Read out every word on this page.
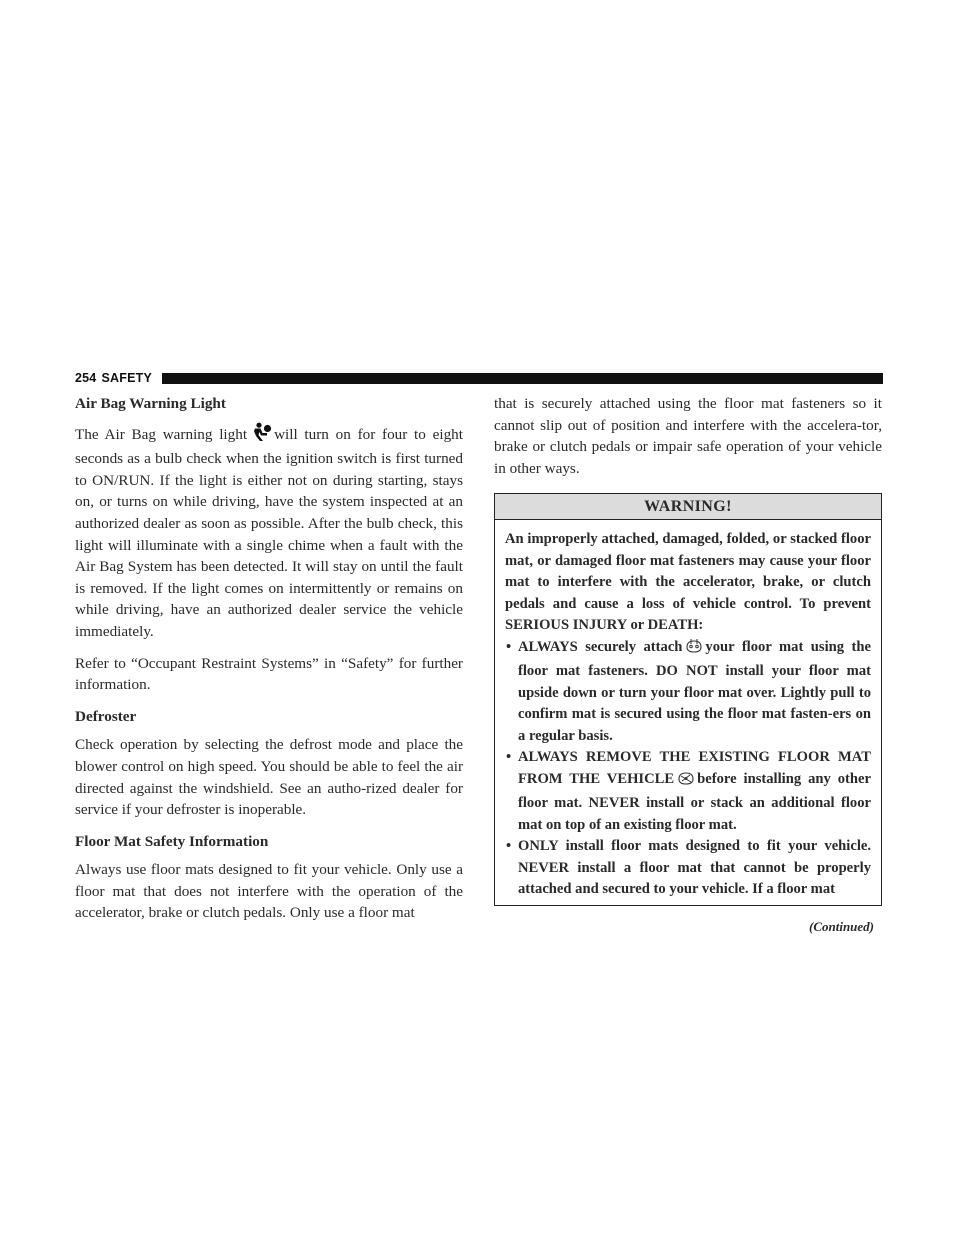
254 SAFETY
Air Bag Warning Light

The Air Bag warning light will turn on for four to eight seconds as a bulb check when the ignition switch is first turned to ON/RUN. If the light is either not on during starting, stays on, or turns on while driving, have the system inspected at an authorized dealer as soon as possible. After the bulb check, this light will illuminate with a single chime when a fault with the Air Bag System has been detected. It will stay on until the fault is removed. If the light comes on intermittently or remains on while driving, have an authorized dealer service the vehicle immediately.

Refer to “Occupant Restraint Systems” in “Safety” for further information.

Defroster

Check operation by selecting the defrost mode and place the blower control on high speed. You should be able to feel the air directed against the windshield. See an autho-rized dealer for service if your defroster is inoperable.

Floor Mat Safety Information

Always use floor mats designed to fit your vehicle. Only use a floor mat that does not interfere with the operation of the accelerator, brake or clutch pedals. Only use a floor mat

that is securely attached using the floor mat fasteners so it cannot slip out of position and interfere with the accelera-tor, brake or clutch pedals or impair safe operation of your vehicle in other ways.

WARNING!

An improperly attached, damaged, folded, or stacked floor mat, or damaged floor mat fasteners may cause your floor mat to interfere with the accelerator, brake, or clutch pedals and cause a loss of vehicle control. To prevent SERIOUS INJURY or DEATH:

• ALWAYS securely attach your floor mat using the floor mat fasteners. DO NOT install your floor mat upside down or turn your floor mat over. Lightly pull to confirm mat is secured using the floor mat fasten-ers on a regular basis.
• ALWAYS REMOVE THE EXISTING FLOOR MAT FROM THE VEHICLE before installing any other floor mat. NEVER install or stack an additional floor mat on top of an existing floor mat.
• ONLY install floor mats designed to fit your vehicle. NEVER install a floor mat that cannot be properly attached and secured to your vehicle. If a floor mat
(Continued)
